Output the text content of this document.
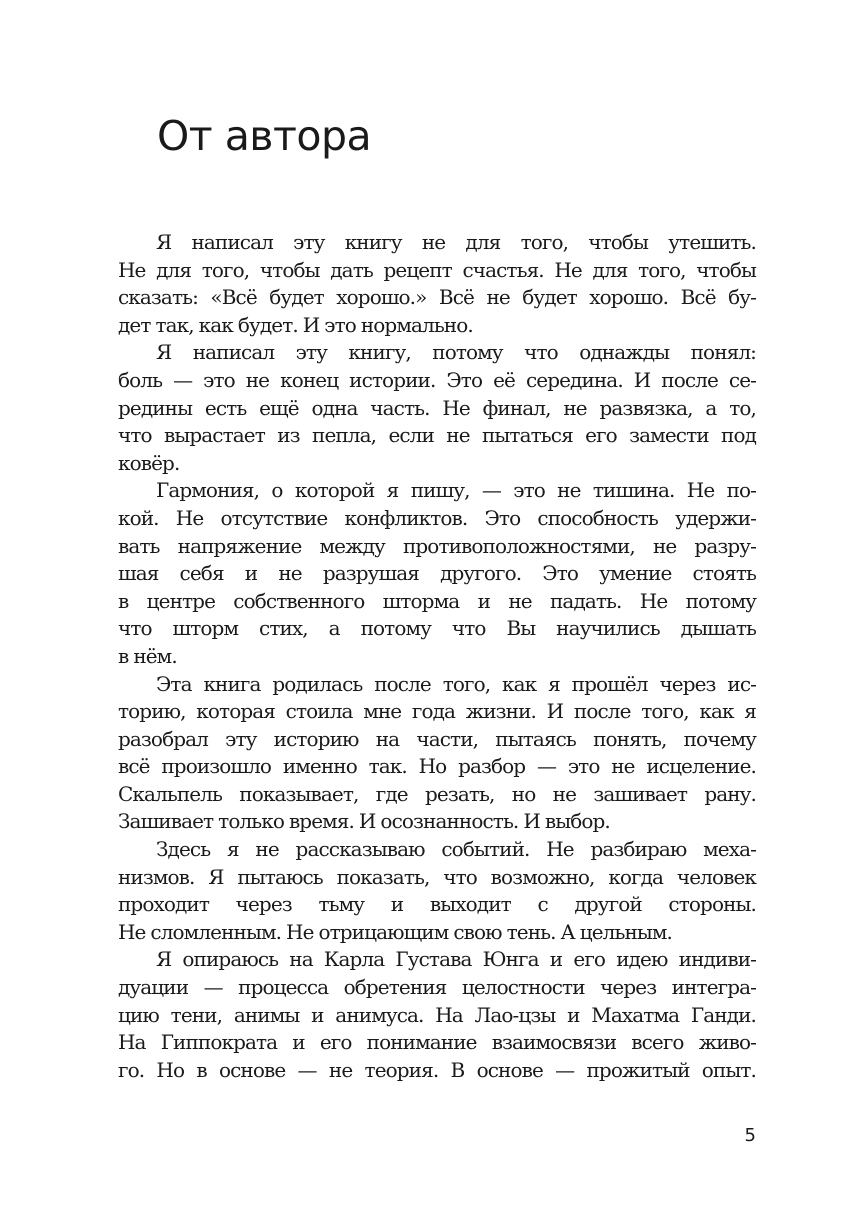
От автора

Я написал эту книгу не для того, чтобы утешить.
Не для того, чтобы дать рецепт счастья. Не для того, чтобы
сказать: «Всё будет хорошо.» Всё не будет хорошо. Всё бу-
дет так, как будет. И это нормально.

Я написал эту книгу, потому что однажды понял:
боль — это не конец истории. Это её середина. И после се-
редины есть ещё одна часть. Не финал, не развязка, а то,
что вырастает из пепла, если не пытаться его замести под
ковёр.

Гармония, о которой я пишу, — это не тишина. Не по-
кой. Не отсутствие конфликтов. Это способность удержи-
вать напряжение между противоположностями, не разру-
шая себя и не разрушая другого. Это умение стоять
в центре собственного шторма и не падать. Не потому
что шторм стих, а потому что Вы научились дышать
в нём.

Эта книга родилась после того, как я прошёл через ис-
торию, которая стоила мне года жизни. И после того, как я
разобрал эту историю на части, пытаясь понять, почему
всё произошло именно так. Но разбор — это не исцеление.
Скальпель показывает, где резать, но не зашивает рану.
Зашивает только время. И осознанность. И выбор.

Здесь я не рассказываю событий. Не разбираю меха-
низмов. Я пытаюсь показать, что возможно, когда человек
проходит через тьму и выходит с другой стороны.
Не сломленным. Не отрицающим свою тень. А цельным.

Я опираюсь на Карла Густава Юнга и его идею индиви-
дуации — процесса обретения целостности через интегра-
цию тени, анимы и анимуса. На Лао-цзы и Махатма Ганди.
На Гиппократа и его понимание взаимосвязи всего живо-
го. Но в основе — не теория. В основе — прожитый опыт.

5
